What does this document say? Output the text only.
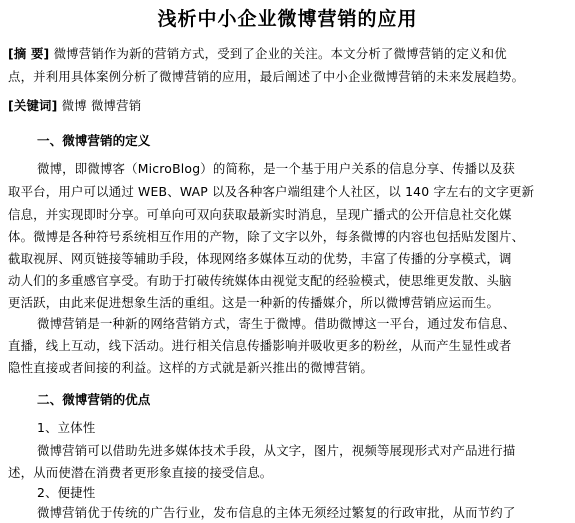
浅析中小企业微博营销的应用
[摘 要] 微博营销作为新的营销方式，受到了企业的关注。本文分析了微博营销的定义和优
点，并利用具体案例分析了微博营销的应用，最后阐述了中小企业微博营销的未来发展趋势。
[关键词] 微博 微博营销
一、微博营销的定义
微博，即微博客（MicroBlog）的简称，是一个基于用户关系的信息分享、传播以及获
取平台，用户可以通过 WEB、WAP 以及各种客户端组建个人社区，以 140 字左右的文字更新
信息，并实现即时分享。可单向可双向获取最新实时消息，呈现广播式的公开信息社交化媒
体。微博是各种符号系统相互作用的产物，除了文字以外，每条微博的内容也包括贴发图片、
截取视屏、网页链接等辅助手段，体现网络多媒体互动的优势，丰富了传播的分享模式，调
动人们的多重感官享受。有助于打破传统媒体由视觉支配的经验模式，使思维更发散、头脑
更活跃，由此来促进想象生活的重组。这是一种新的传播媒介，所以微博营销应运而生。
微博营销是一种新的网络营销方式，寄生于微博。借助微博这一平台，通过发布信息、
直播，线上互动，线下活动。进行相关信息传播影响并吸收更多的粉丝，从而产生显性或者
隐性直接或者间接的利益。这样的方式就是新兴推出的微博营销。
二、微博营销的优点
1、立体性
微博营销可以借助先进多媒体技术手段，从文字，图片，视频等展现形式对产品进行描
述，从而使潜在消费者更形象直接的接受信息。
2、便捷性
微博营销优于传统的广告行业，发布信息的主体无须经过繁复的行政审批，从而节约了
